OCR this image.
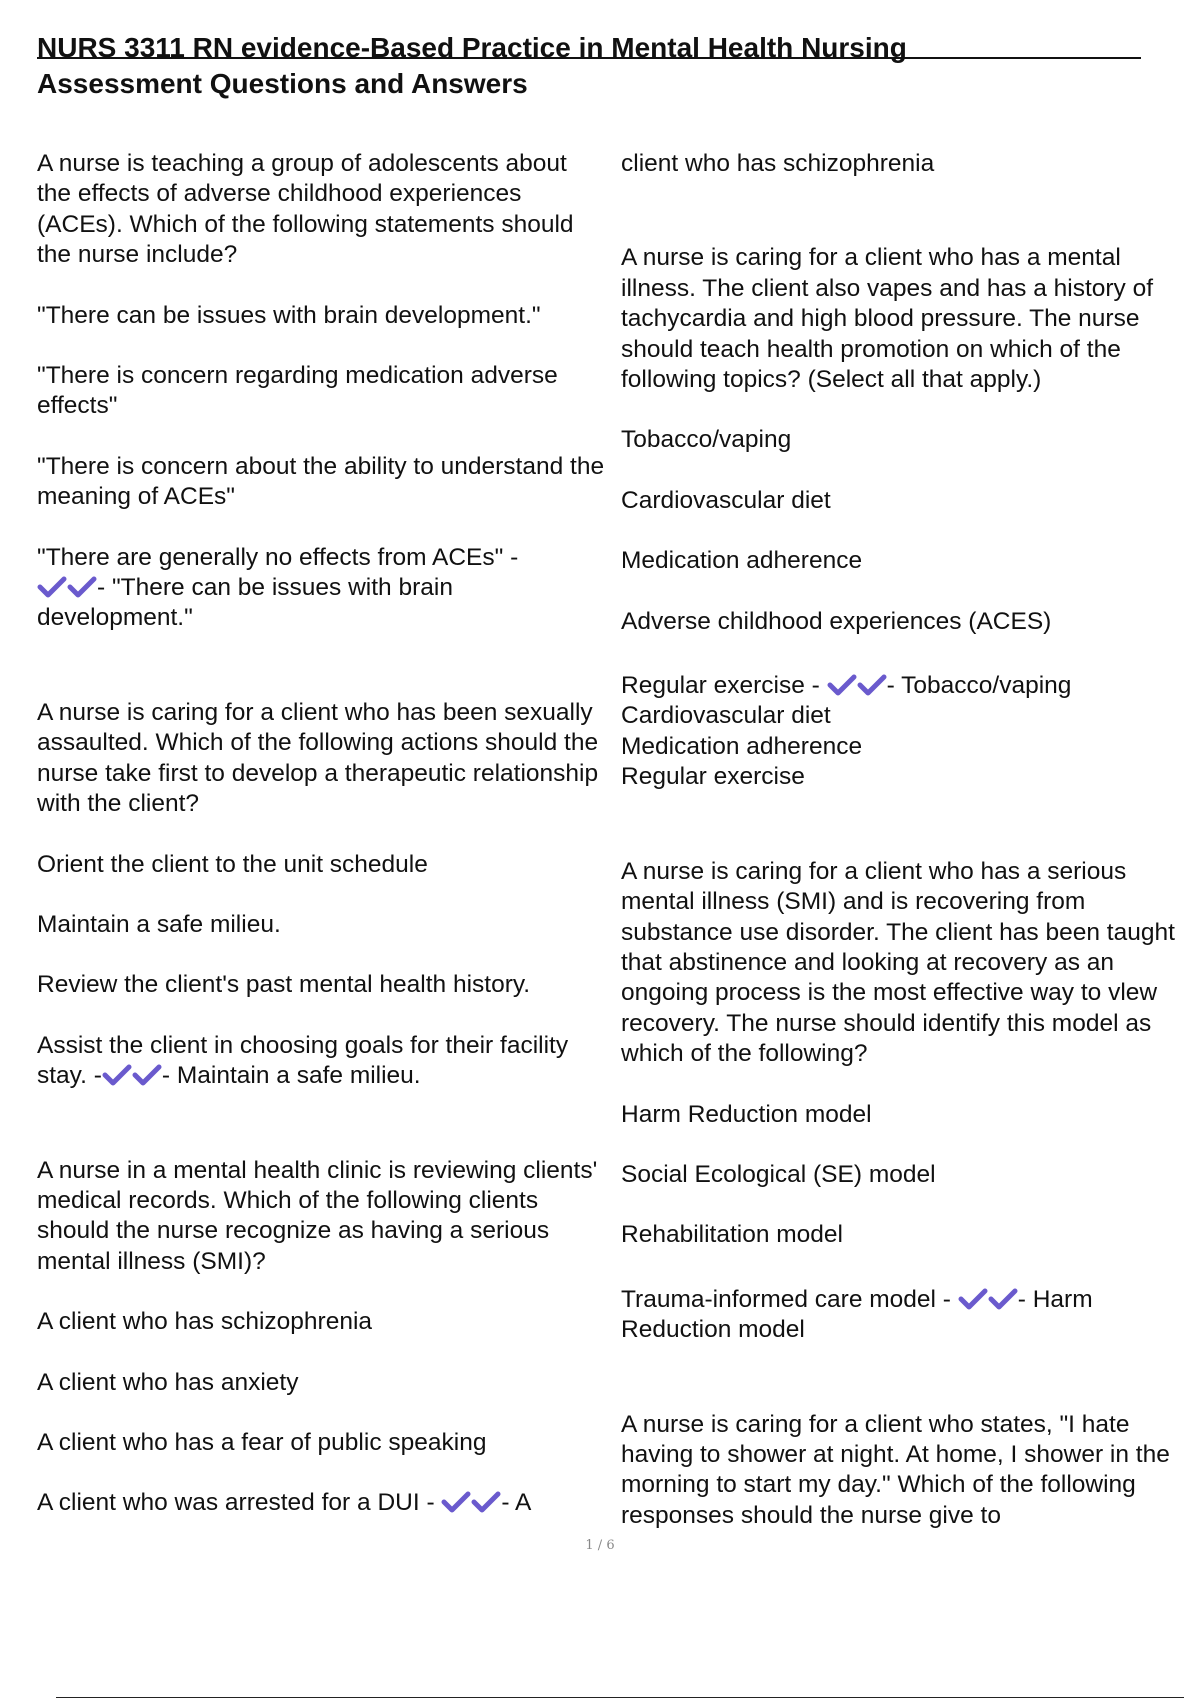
NURS 3311 RN evidence-Based Practice in Mental Health Nursing

Assessment Questions and Answers

A nurse is teaching a group of adolescents about the effects of adverse childhood experiences (ACEs). Which of the following statements should the nurse include?

"There can be issues with brain development."

"There is concern regarding medication adverse effects"

"There is concern about the ability to understand the meaning of ACEs"

"There are generally no effects from ACEs" -

- "There can be issues with brain development."

A nurse is caring for a client who has been sexually assaulted. Which of the following actions should the nurse take first to develop a therapeutic relationship with the client?

Orient the client to the unit schedule

Maintain a safe milieu.

Review the client's past mental health history.

Assist the client in choosing goals for their facility stay. - - Maintain a safe milieu.

A nurse in a mental health clinic is reviewing clients' medical records. Which of the following clients should the nurse recognize as having a serious mental illness (SMI)?

A client who has schizophrenia

A client who has anxiety

A client who has a fear of public speaking

A client who was arrested for a DUI -	- A

client who has schizophrenia

A nurse is caring for a client who has a mental illness. The client also vapes and has a history of tachycardia and high blood pressure. The nurse should teach health promotion on which of the following topics? (Select all that apply.)

Tobacco/vaping

Cardiovascular diet

Medication adherence

Adverse childhood experiences (ACES)

Regular exercise -	- Tobacco/vaping

Cardiovascular diet

Medication adherence

Regular exercise

A nurse is caring for a client who has a serious mental illness (SMI) and is recovering from substance use disorder. The client has been taught that abstinence and looking at recovery as an ongoing process is the most effective way to vlew recovery. The nurse should identify this model as which of the following?

Harm Reduction model

Social Ecological (SE) model

Rehabilitation model

Trauma-informed care model -	- Harm Reduction model

A nurse is caring for a client who states, "I hate having to shower at night. At home, I shower in the morning to start my day." Which of the following responses should the nurse give to

1 / 6
